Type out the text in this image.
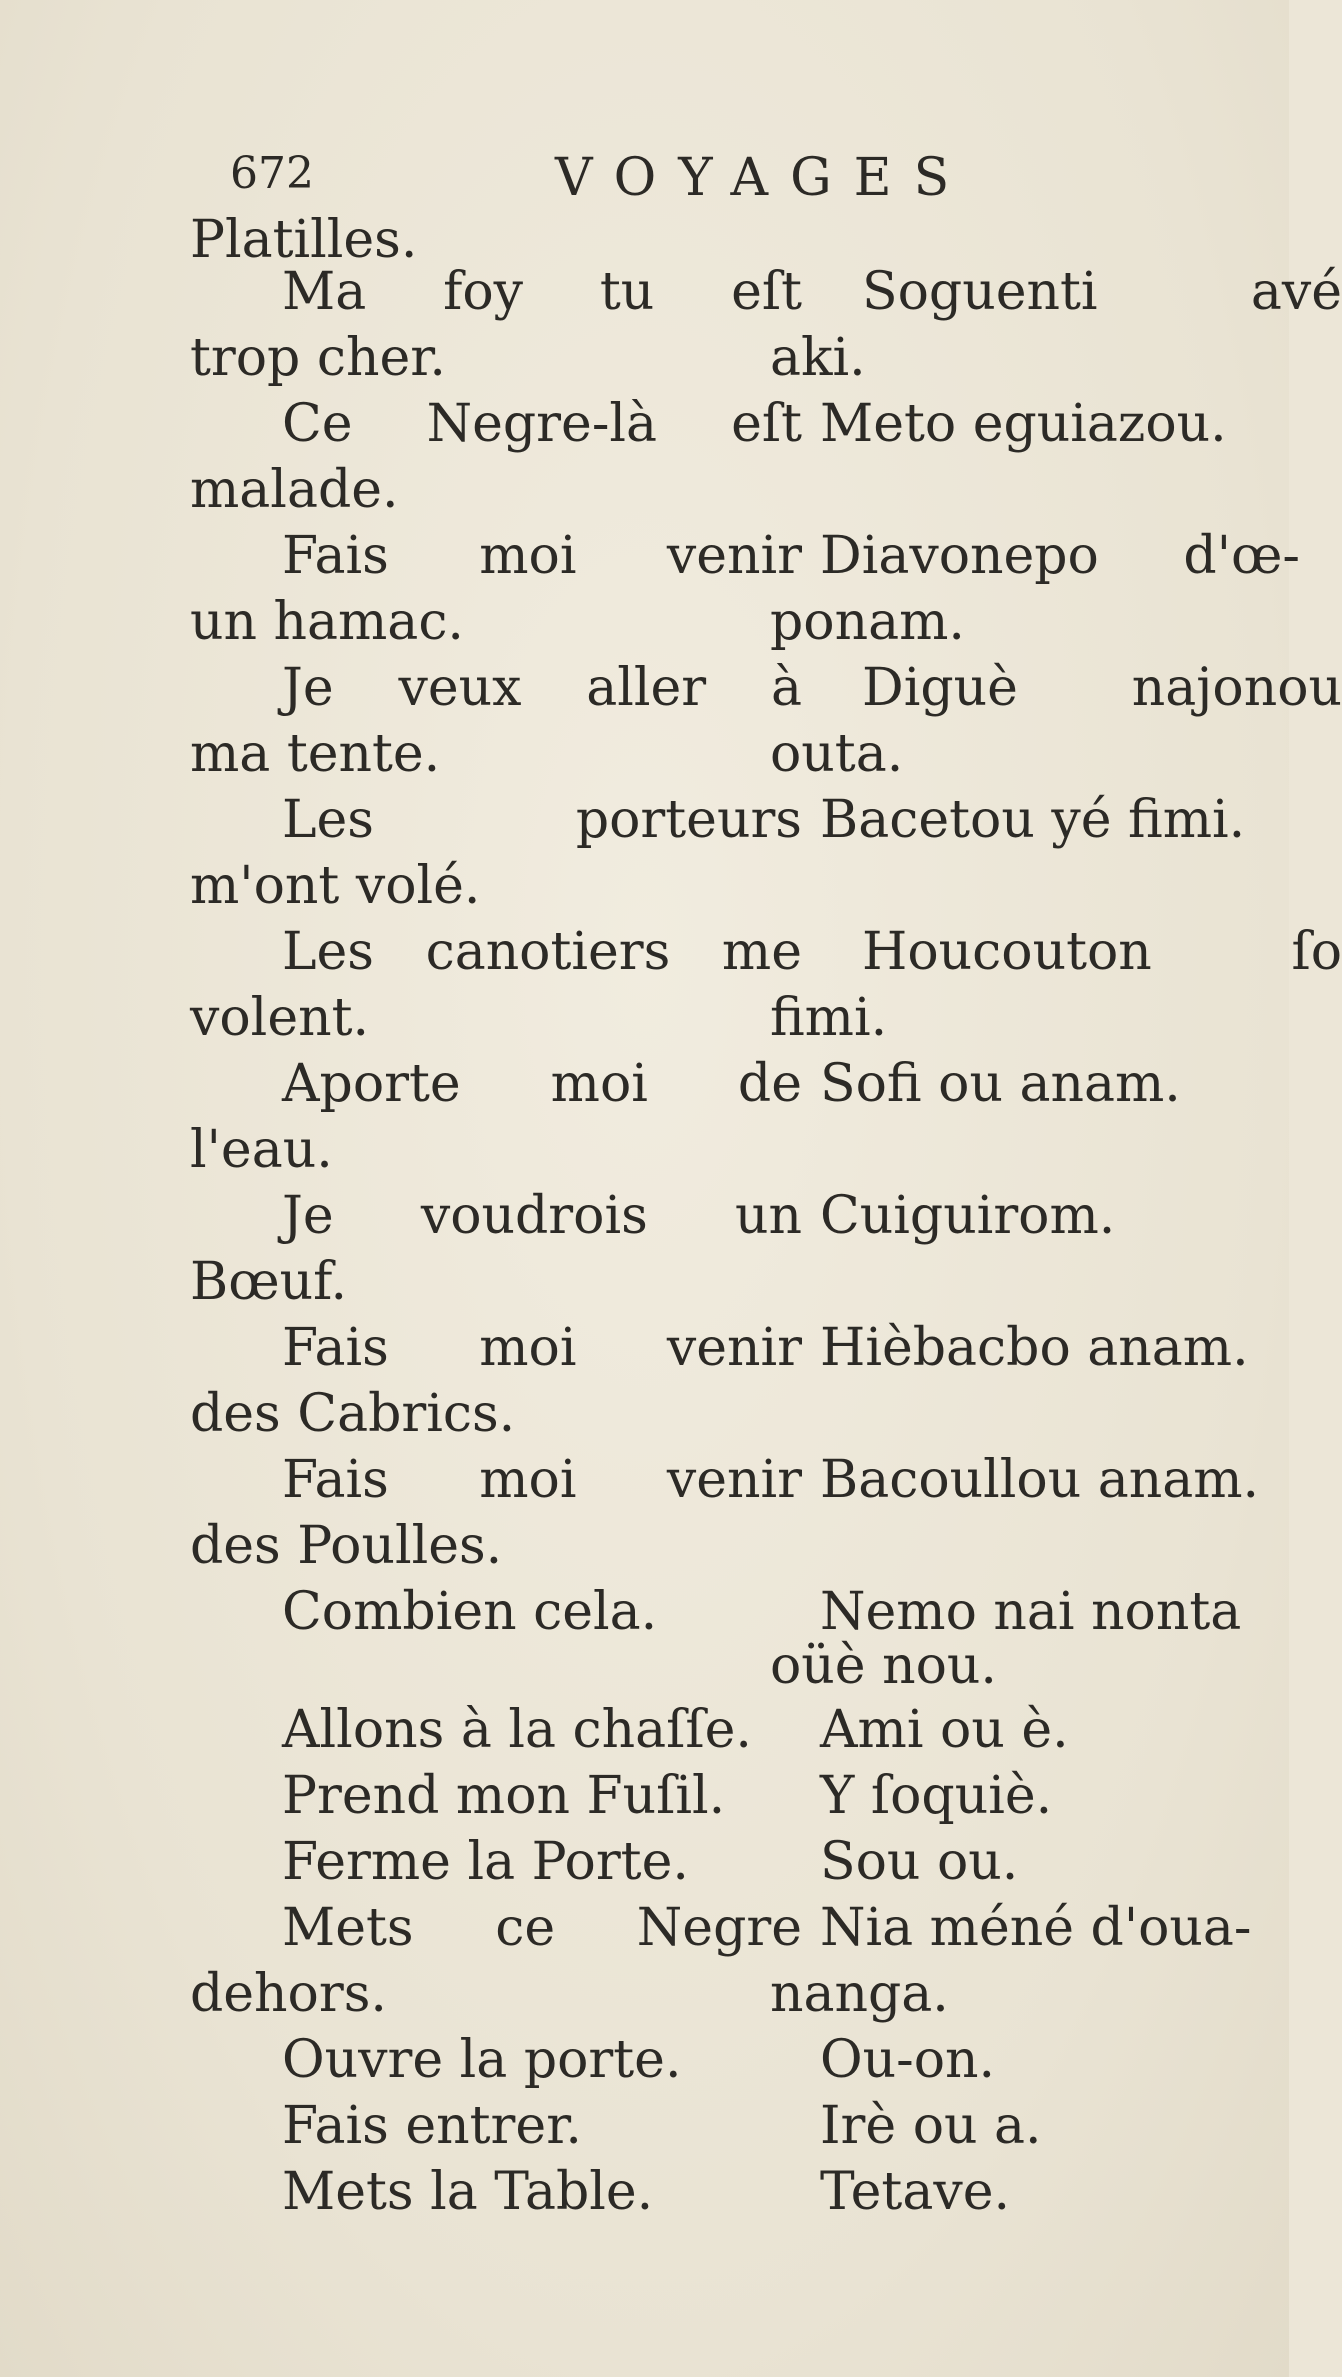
672	VOYAGES
Platilles.
Ma foy tu eſt
trop cher.
Ce Negre-là eſt
malade.
Fais moi venir
un hamac.
Je veux aller à
ma tente.
Les porteurs
m'ont volé.
Les canotiers me
volent.
Aporte moi de
l'eau.
Je voudrois un
Bœuf.
Fais moi venir
des Cabrics.
Fais moi venir
des Poulles.
Combien cela.
Allons à la chaſſe.
Prend mon Fuſil.
Ferme la Porte.
Mets ce Negre
dehors.
Ouvre la porte.
Fais entrer.
Mets la Table.
Soguenti avé
aki.
Meto eguiazou.
Diavonepo d'œ-
ponam.
Diguè najonou
outa.
Bacetou yé fimi.
Houcouton ſo
fimi.
Sofi ou anam.
Cuiguirom.
Hièbacbo anam.
Bacoullou anam.
Nemo nai nonta
oüè nou.
Ami ou è.
Y ſoquiè.
Sou ou.
Nia méné d'oua-
nanga.
Ou-on.
Irè ou a.
Tetave.
